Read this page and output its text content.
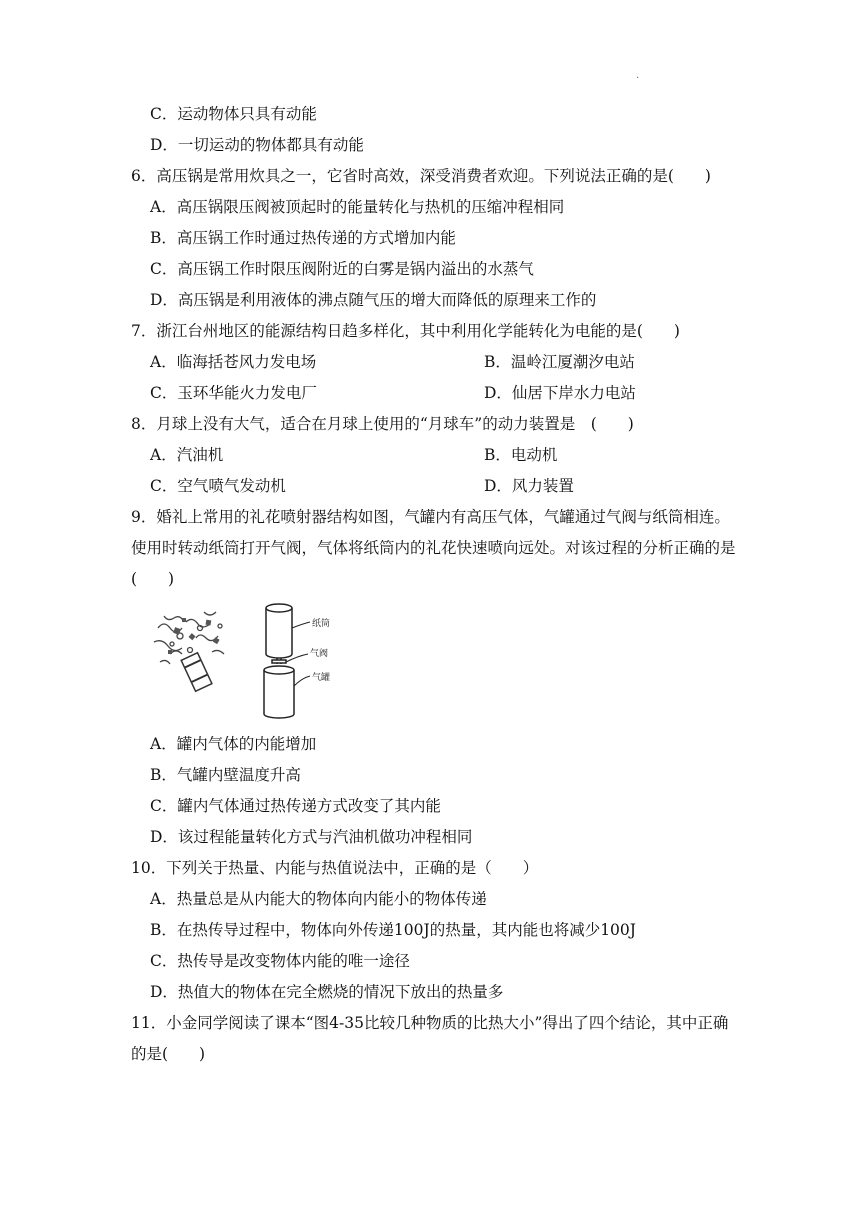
·
C．运动物体只具有动能
D．一切运动的物体都具有动能
6．高压锅是常用炊具之一，它省时高效，深受消费者欢迎。下列说法正确的是(　　)
A．高压锅限压阀被顶起时的能量转化与热机的压缩冲程相同
B．高压锅工作时通过热传递的方式增加内能
C．高压锅工作时限压阀附近的白雾是锅内溢出的水蒸气
D．高压锅是利用液体的沸点随气压的增大而降低的原理来工作的
7．浙江台州地区的能源结构日趋多样化，其中利用化学能转化为电能的是(　　)
A．临海括苍风力发电场	B．温岭江厦潮汐电站
C．玉环华能火力发电厂	D．仙居下岸水力电站
8．月球上没有大气，适合在月球上使用的“月球车”的动力装置是　(　　)
A．汽油机	B．电动机
C．空气喷气发动机	D．风力装置
9．婚礼上常用的礼花喷射器结构如图，气罐内有高压气体，气罐通过气阀与纸筒相连。使用时转动纸筒打开气阀，气体将纸筒内的礼花快速喷向远处。对该过程的分析正确的是(　　)
纸筒
气阀
气罐
A．罐内气体的内能增加
B．气罐内壁温度升高
C．罐内气体通过热传递方式改变了其内能
D．该过程能量转化方式与汽油机做功冲程相同
10．下列关于热量、内能与热值说法中，正确的是（　　）
A．热量总是从内能大的物体向内能小的物体传递
B．在热传导过程中，物体向外传递100J的热量，其内能也将减少100J
C．热传导是改变物体内能的唯一途径
D．热值大的物体在完全燃烧的情况下放出的热量多
11．小金同学阅读了课本“图4-35比较几种物质的比热大小”得出了四个结论，其中正确的是(　　)
